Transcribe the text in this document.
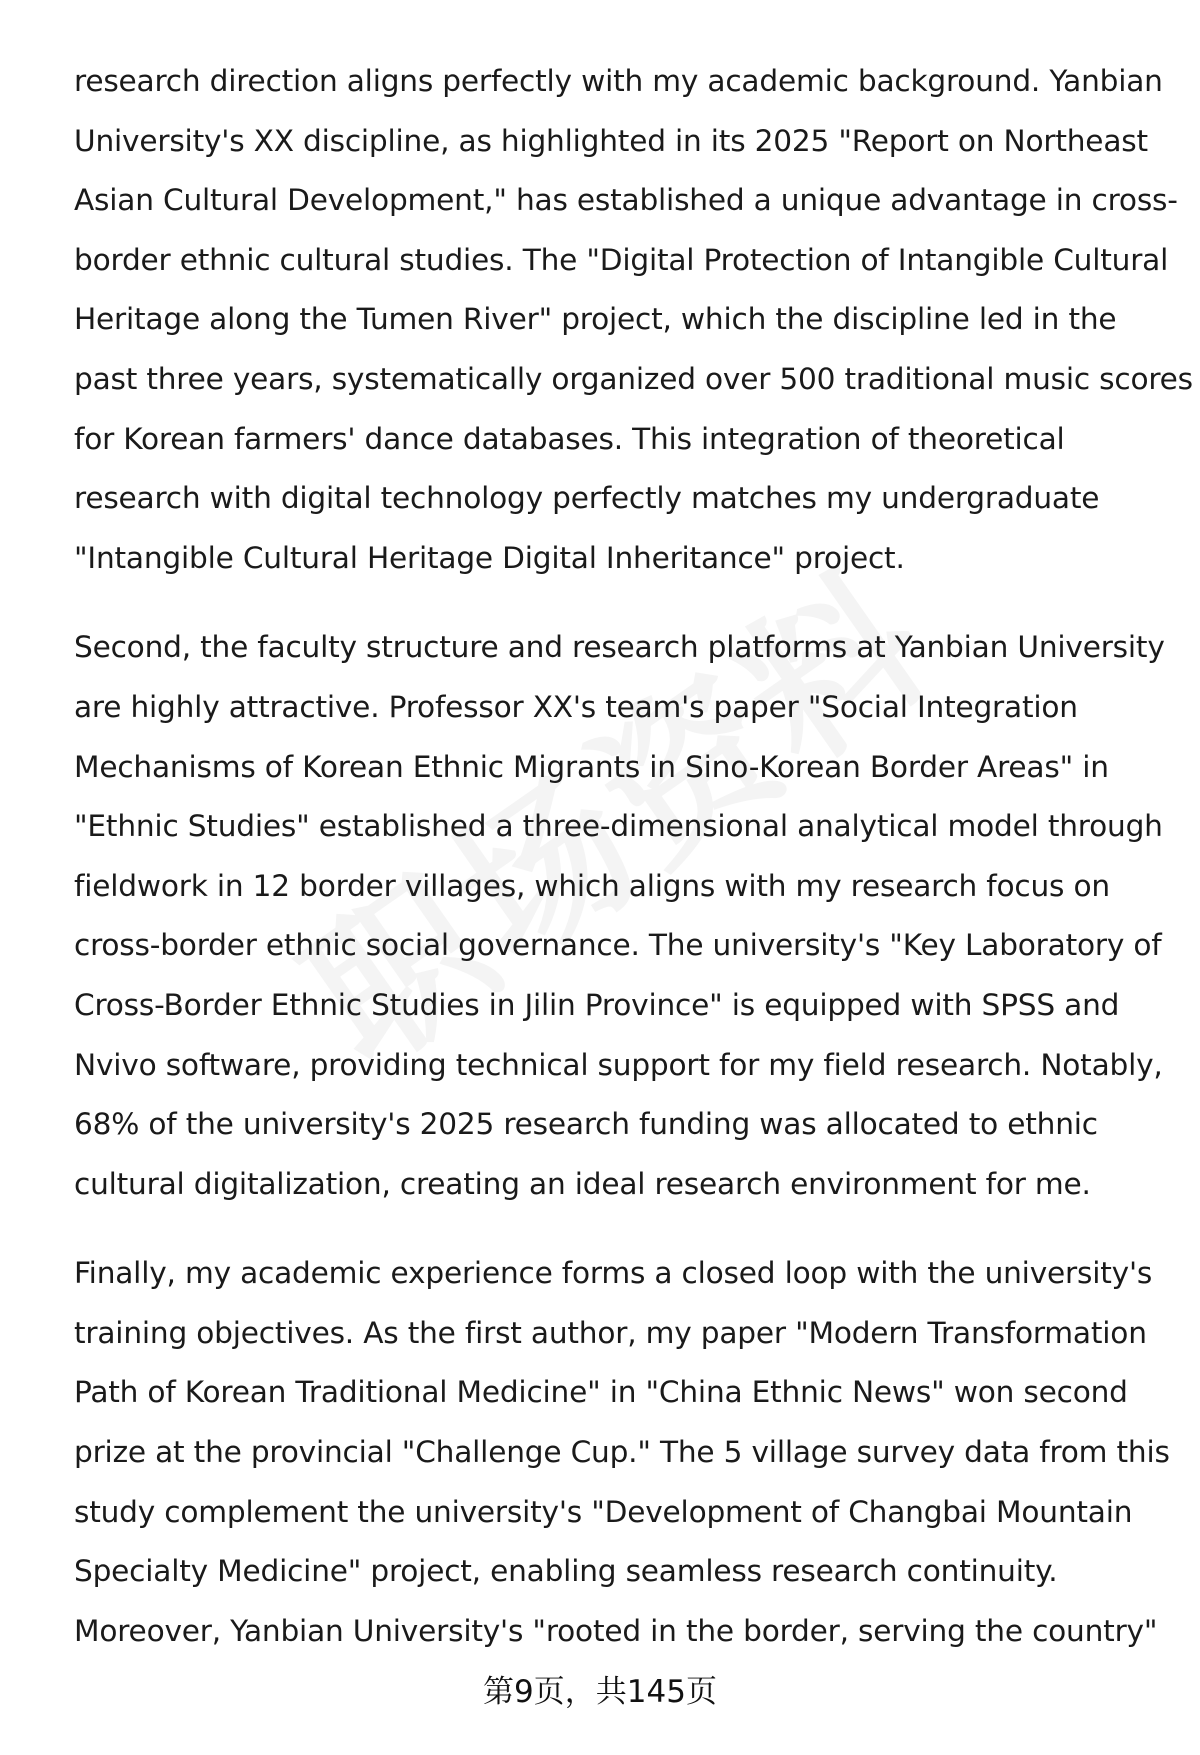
research direction aligns perfectly with my academic background. Yanbian
University's XX discipline, as highlighted in its 2025 "Report on Northeast
Asian Cultural Development," has established a unique advantage in cross-
border ethnic cultural studies. The "Digital Protection of Intangible Cultural
Heritage along the Tumen River" project, which the discipline led in the
past three years, systematically organized over 500 traditional music scores
for Korean farmers' dance databases. This integration of theoretical
research with digital technology perfectly matches my undergraduate
"Intangible Cultural Heritage Digital Inheritance" project.

Second, the faculty structure and research platforms at Yanbian University
are highly attractive. Professor XX's team's paper "Social Integration
Mechanisms of Korean Ethnic Migrants in Sino-Korean Border Areas" in
"Ethnic Studies" established a three-dimensional analytical model through
fieldwork in 12 border villages, which aligns with my research focus on
cross-border ethnic social governance. The university's "Key Laboratory of
Cross-Border Ethnic Studies in Jilin Province" is equipped with SPSS and
Nvivo software, providing technical support for my field research. Notably,
68% of the university's 2025 research funding was allocated to ethnic
cultural digitalization, creating an ideal research environment for me.

Finally, my academic experience forms a closed loop with the university's
training objectives. As the first author, my paper "Modern Transformation
Path of Korean Traditional Medicine" in "China Ethnic News" won second
prize at the provincial "Challenge Cup." The 5 village survey data from this
study complement the university's "Development of Changbai Mountain
Specialty Medicine" project, enabling seamless research continuity.
Moreover, Yanbian University's "rooted in the border, serving the country"

第9页，共145页
